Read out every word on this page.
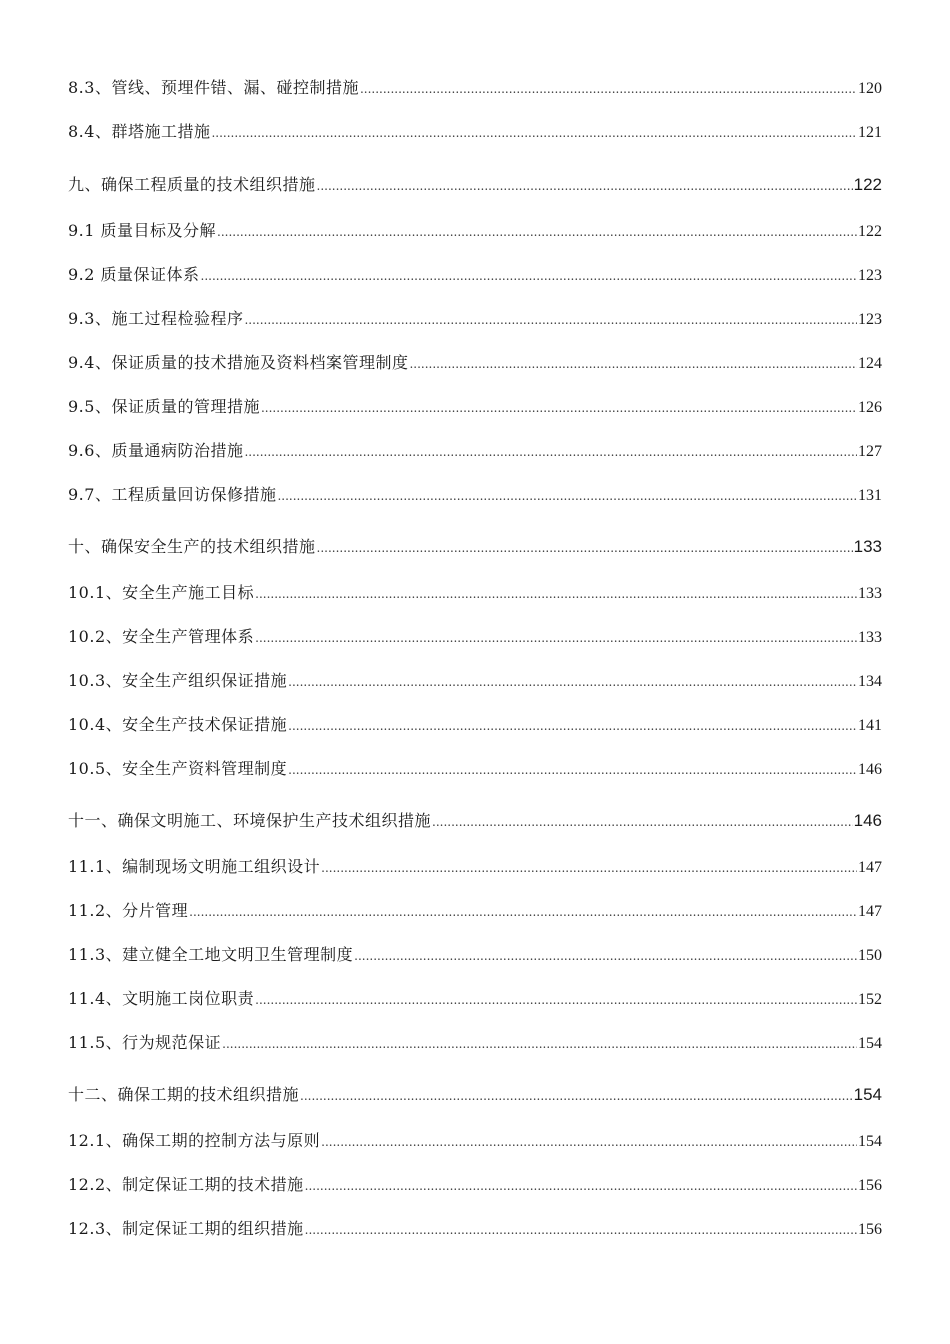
8.3、管线、预埋件错、漏、碰控制措施 .....	120
8.4、群塔施工措施 .....	121
九、确保工程质量的技术组织措施 .....	122
9.1 质量目标及分解 .....	122
9.2 质量保证体系 .....	123
9.3、施工过程检验程序 .....	123
9.4、保证质量的技术措施及资料档案管理制度 .....	124
9.5、保证质量的管理措施 .....	126
9.6、质量通病防治措施 .....	127
9.7、工程质量回访保修措施 .....	131
十、确保安全生产的技术组织措施 .....	133
10.1、安全生产施工目标 .....	133
10.2、安全生产管理体系 .....	133
10.3、安全生产组织保证措施 .....	134
10.4、安全生产技术保证措施 .....	141
10.5、安全生产资料管理制度 .....	146
十一、确保文明施工、环境保护生产技术组织措施 .....	146
11.1、编制现场文明施工组织设计 .....	147
11.2、分片管理 .....	147
11.3、建立健全工地文明卫生管理制度 .....	150
11.4、文明施工岗位职责 .....	152
11.5、行为规范保证 .....	154
十二、确保工期的技术组织措施 .....	154
12.1、确保工期的控制方法与原则 .....	154
12.2、制定保证工期的技术措施 .....	156
12.3、制定保证工期的组织措施 .....	156
